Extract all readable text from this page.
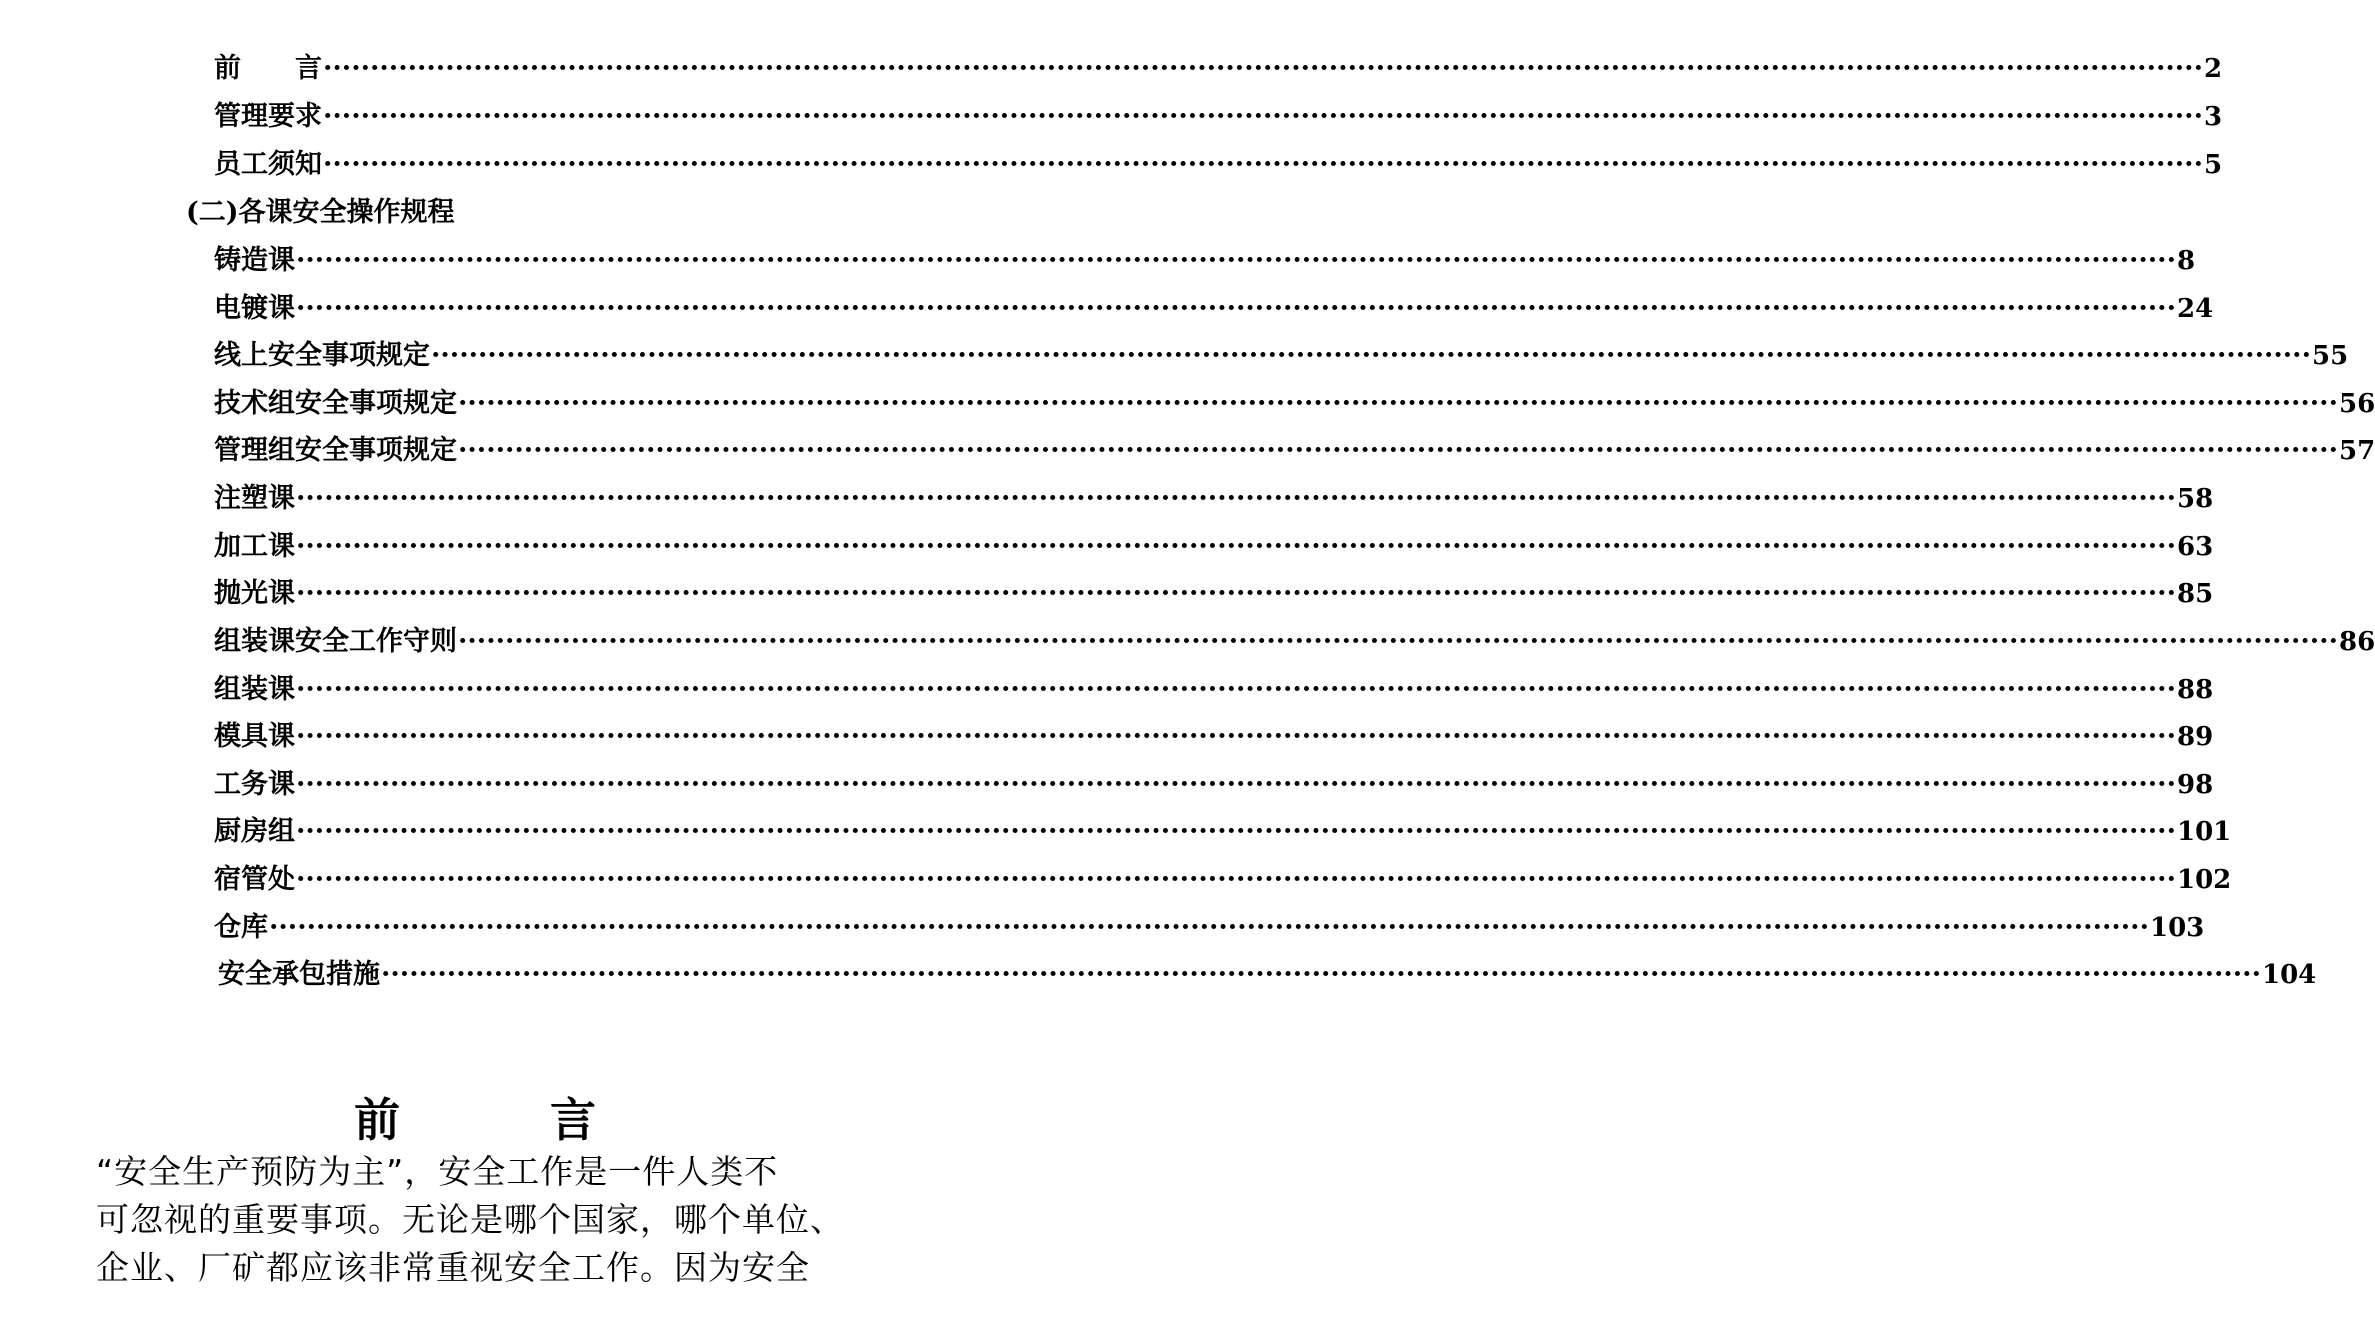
前　　言 ········································································································································································································ 2
管理要求 ········································································································································································································ 3
员工须知 ········································································································································································································ 5
(二)各课安全操作规程
铸造课 ········································································································································································································ 8
电镀课 ········································································································································································································ 24
线上安全事项规定 ········································································································································································································ 55
技术组安全事项规定 ········································································································································································································ 56
管理组安全事项规定 ········································································································································································································ 57
注塑课 ········································································································································································································ 58
加工课 ········································································································································································································ 63
抛光课 ········································································································································································································ 85
组装课安全工作守则 ········································································································································································································ 86
组装课 ········································································································································································································ 88
模具课 ········································································································································································································ 89
工务课 ········································································································································································································ 98
厨房组 ········································································································································································································ 101
宿管处 ········································································································································································································ 102
仓库 ········································································································································································································ 103
安全承包措施 ········································································································································································································ 104
前	言
“安全生产预防为主”，安全工作是一件人类不
可忽视的重要事项。无论是哪个国家，哪个单位、
企业、厂矿都应该非常重视安全工作。因为安全
